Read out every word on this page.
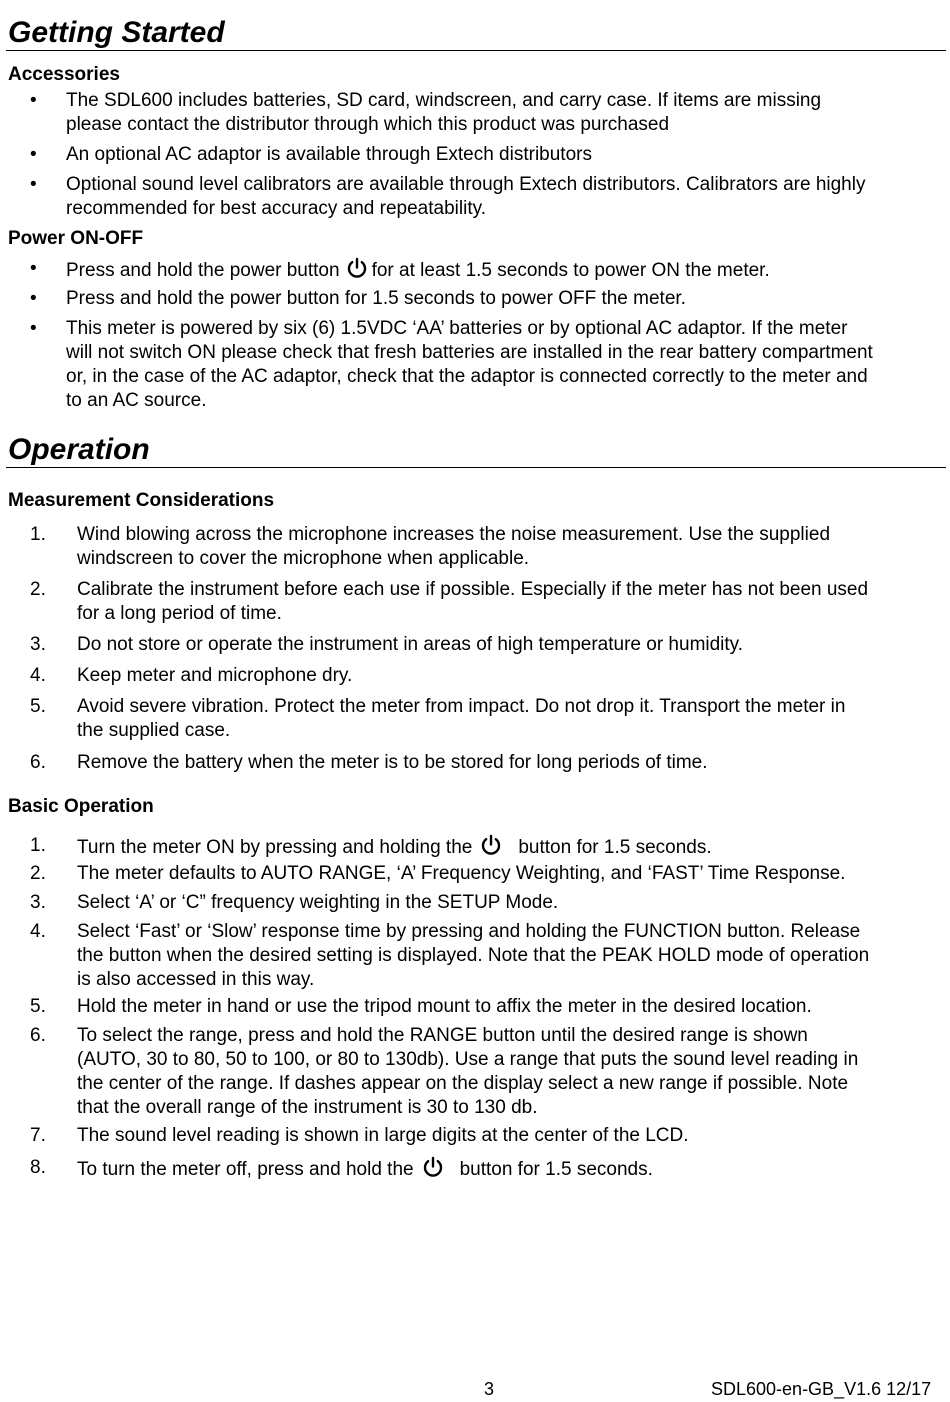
Getting Started
Accessories
• The SDL600 includes batteries, SD card, windscreen, and carry case. If items are missing
please contact the distributor through which this product was purchased
• An optional AC adaptor is available through Extech distributors
• Optional sound level calibrators are available through Extech distributors. Calibrators are highly
recommended for best accuracy and repeatability.
Power ON-OFF
• Press and hold the power button for at least 1.5 seconds to power ON the meter.
• Press and hold the power button for 1.5 seconds to power OFF the meter.
• This meter is powered by six (6) 1.5VDC ‘AA’ batteries or by optional AC adaptor. If the meter
will not switch ON please check that fresh batteries are installed in the rear battery compartment
or, in the case of the AC adaptor, check that the adaptor is connected correctly to the meter and
to an AC source.
Operation
Measurement Considerations
1. Wind blowing across the microphone increases the noise measurement. Use the supplied
windscreen to cover the microphone when applicable.
2. Calibrate the instrument before each use if possible. Especially if the meter has not been used
for a long period of time.
3. Do not store or operate the instrument in areas of high temperature or humidity.
4. Keep meter and microphone dry.
5. Avoid severe vibration. Protect the meter from impact. Do not drop it. Transport the meter in
the supplied case.
6. Remove the battery when the meter is to be stored for long periods of time.
Basic Operation
1. Turn the meter ON by pressing and holding the button for 1.5 seconds.
2. The meter defaults to AUTO RANGE, ‘A’ Frequency Weighting, and ‘FAST’ Time Response.
3. Select ‘A’ or ‘C” frequency weighting in the SETUP Mode.
4. Select ‘Fast’ or ‘Slow’ response time by pressing and holding the FUNCTION button. Release
the button when the desired setting is displayed. Note that the PEAK HOLD mode of operation
is also accessed in this way.
5. Hold the meter in hand or use the tripod mount to affix the meter in the desired location.
6. To select the range, press and hold the RANGE button until the desired range is shown
(AUTO, 30 to 80, 50 to 100, or 80 to 130db). Use a range that puts the sound level reading in
the center of the range. If dashes appear on the display select a new range if possible. Note
that the overall range of the instrument is 30 to 130 db.
7. The sound level reading is shown in large digits at the center of the LCD.
8. To turn the meter off, press and hold the button for 1.5 seconds.
3	SDL600-en-GB_V1.6 12/17
